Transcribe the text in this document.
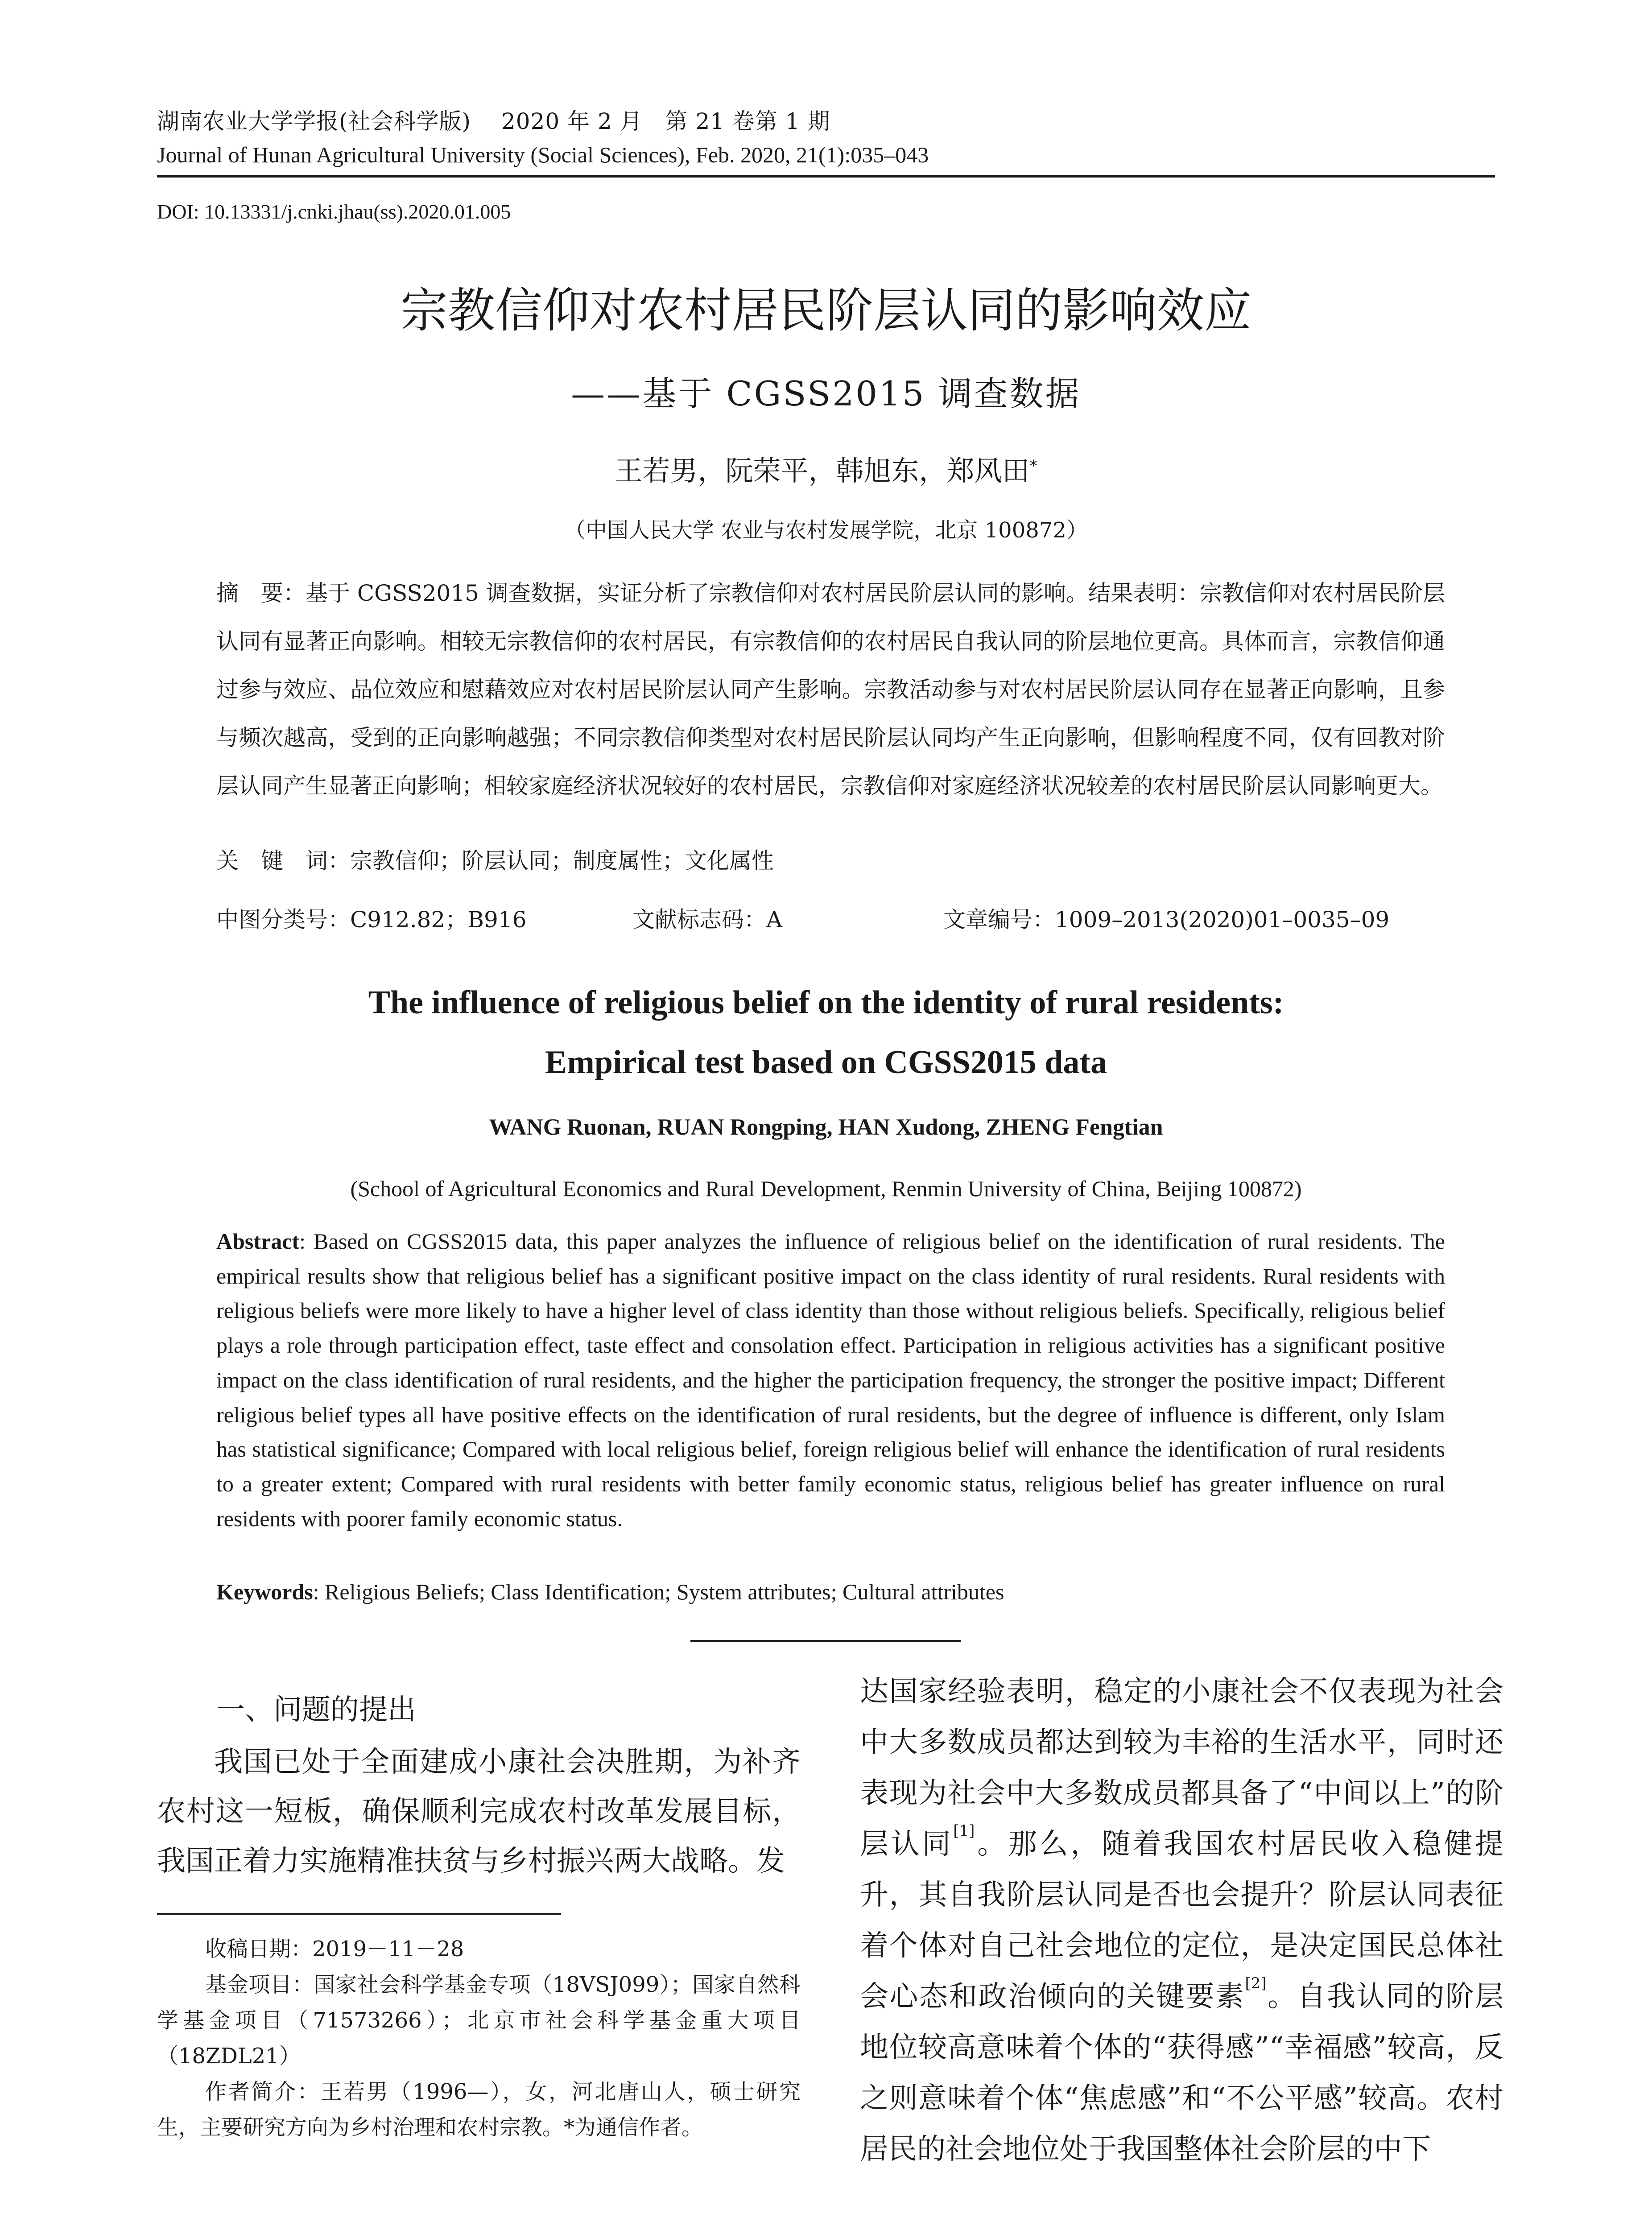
湖南农业大学学报(社会科学版)　 2020 年 2 月　第 21 卷第 1 期
Journal of Hunan Agricultural University (Social Sciences), Feb. 2020, 21(1):035–043
DOI: 10.13331/j.cnki.jhau(ss).2020.01.005
宗教信仰对农村居民阶层认同的影响效应
——基于 CGSS2015 调查数据
王若男，阮荣平，韩旭东，郑风田*
（中国人民大学 农业与农村发展学院，北京 100872）
摘　要：基于 CGSS2015 调查数据，实证分析了宗教信仰对农村居民阶层认同的影响。结果表明：宗教信仰对农村居民阶层认同有显著正向影响。相较无宗教信仰的农村居民，有宗教信仰的农村居民自我认同的阶层地位更高。具体而言，宗教信仰通过参与效应、品位效应和慰藉效应对农村居民阶层认同产生影响。宗教活动参与对农村居民阶层认同存在显著正向影响，且参与频次越高，受到的正向影响越强；不同宗教信仰类型对农村居民阶层认同均产生正向影响，但影响程度不同，仅有回教对阶层认同产生显著正向影响；相较家庭经济状况较好的农村居民，宗教信仰对家庭经济状况较差的农村居民阶层认同影响更大。
关　键　词：宗教信仰；阶层认同；制度属性；文化属性
中图分类号：C912.82；B916	文献标志码：A	文章编号：1009–2013(2020)01–0035–09
The influence of religious belief on the identity of rural residents:
Empirical test based on CGSS2015 data
WANG Ruonan, RUAN Rongping, HAN Xudong, ZHENG Fengtian
(School of Agricultural Economics and Rural Development, Renmin University of China, Beijing 100872)
Abstract: Based on CGSS2015 data, this paper analyzes the influence of religious belief on the identification of rural residents. The empirical results show that religious belief has a significant positive impact on the class identity of rural residents. Rural residents with religious beliefs were more likely to have a higher level of class identity than those without religious beliefs. Specifically, religious belief plays a role through participation effect, taste effect and consolation effect. Participation in religious activities has a significant positive impact on the class identification of rural residents, and the higher the participation frequency, the stronger the positive impact; Different religious belief types all have positive effects on the identification of rural residents, but the degree of influence is different, only Islam has statistical significance; Compared with local religious belief, foreign religious belief will enhance the identification of rural residents to a greater extent; Compared with rural residents with better family economic status, religious belief has greater influence on rural residents with poorer family economic status.
Keywords: Religious Beliefs; Class Identification; System attributes; Cultural attributes
一、问题的提出

我国已处于全面建成小康社会决胜期，为补齐农村这一短板，确保顺利完成农村改革发展目标，我国正着力实施精准扶贫与乡村振兴两大战略。发

收稿日期：2019－11－28

基金项目：国家社会科学基金专项（18VSJ099）；国家自然科学基金项目（71573266）；北京市社会科学基金重大项目（18ZDL21）

作者简介：王若男（1996—），女，河北唐山人，硕士研究生，主要研究方向为乡村治理和农村宗教。*为通信作者。

达国家经验表明，稳定的小康社会不仅表现为社会中大多数成员都达到较为丰裕的生活水平，同时还表现为社会中大多数成员都具备了“中间以上”的阶层认同[1]。那么，随着我国农村居民收入稳健提升，其自我阶层认同是否也会提升？阶层认同表征着个体对自己社会地位的定位，是决定国民总体社会心态和政治倾向的关键要素[2]。自我认同的阶层地位较高意味着个体的“获得感”“幸福感”较高，反之则意味着个体“焦虑感”和“不公平感”较高。农村居民的社会地位处于我国整体社会阶层的中下
